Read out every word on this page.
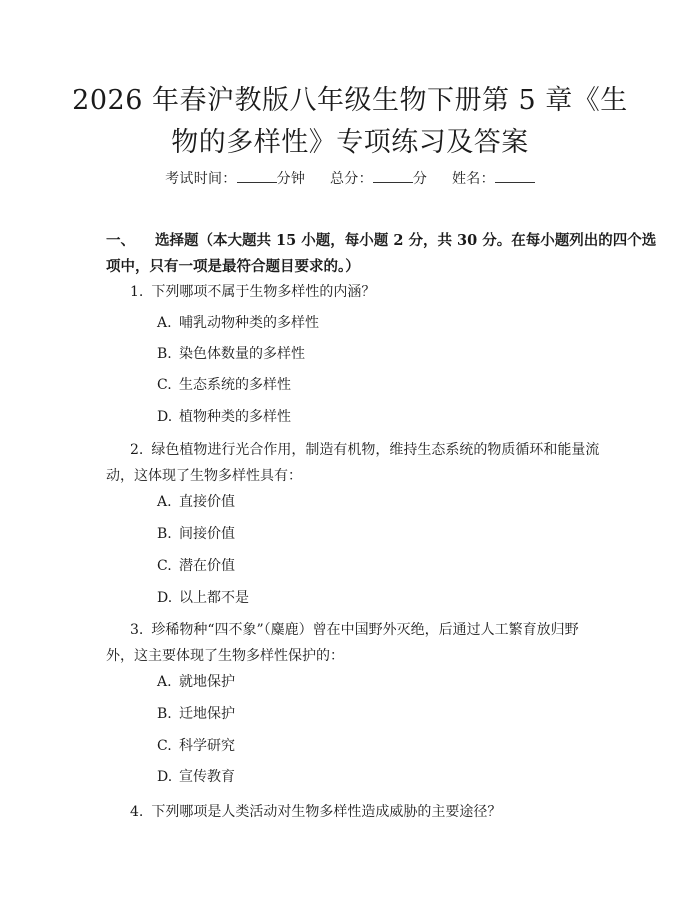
2026 年春沪教版八年级生物下册第 5 章《生
物的多样性》专项练习及答案
考试时间：	分钟 总分：	分 姓名：
一、 选择题（本大题共 15 小题，每小题 2 分，共 30 分。在每小题列出的四个选
项中，只有一项是最符合题目要求的。）
1. 下列哪项不属于生物多样性的内涵？
A. 哺乳动物种类的多样性
B. 染色体数量的多样性
C. 生态系统的多样性
D. 植物种类的多样性
2. 绿色植物进行光合作用，制造有机物，维持生态系统的物质循环和能量流
动，这体现了生物多样性具有：
A. 直接价值
B. 间接价值
C. 潜在价值
D. 以上都不是
3. 珍稀物种“四不象”（麋鹿）曾在中国野外灭绝，后通过人工繁育放归野
外，这主要体现了生物多样性保护的：
A. 就地保护
B. 迁地保护
C. 科学研究
D. 宣传教育
4. 下列哪项是人类活动对生物多样性造成威胁的主要途径？
